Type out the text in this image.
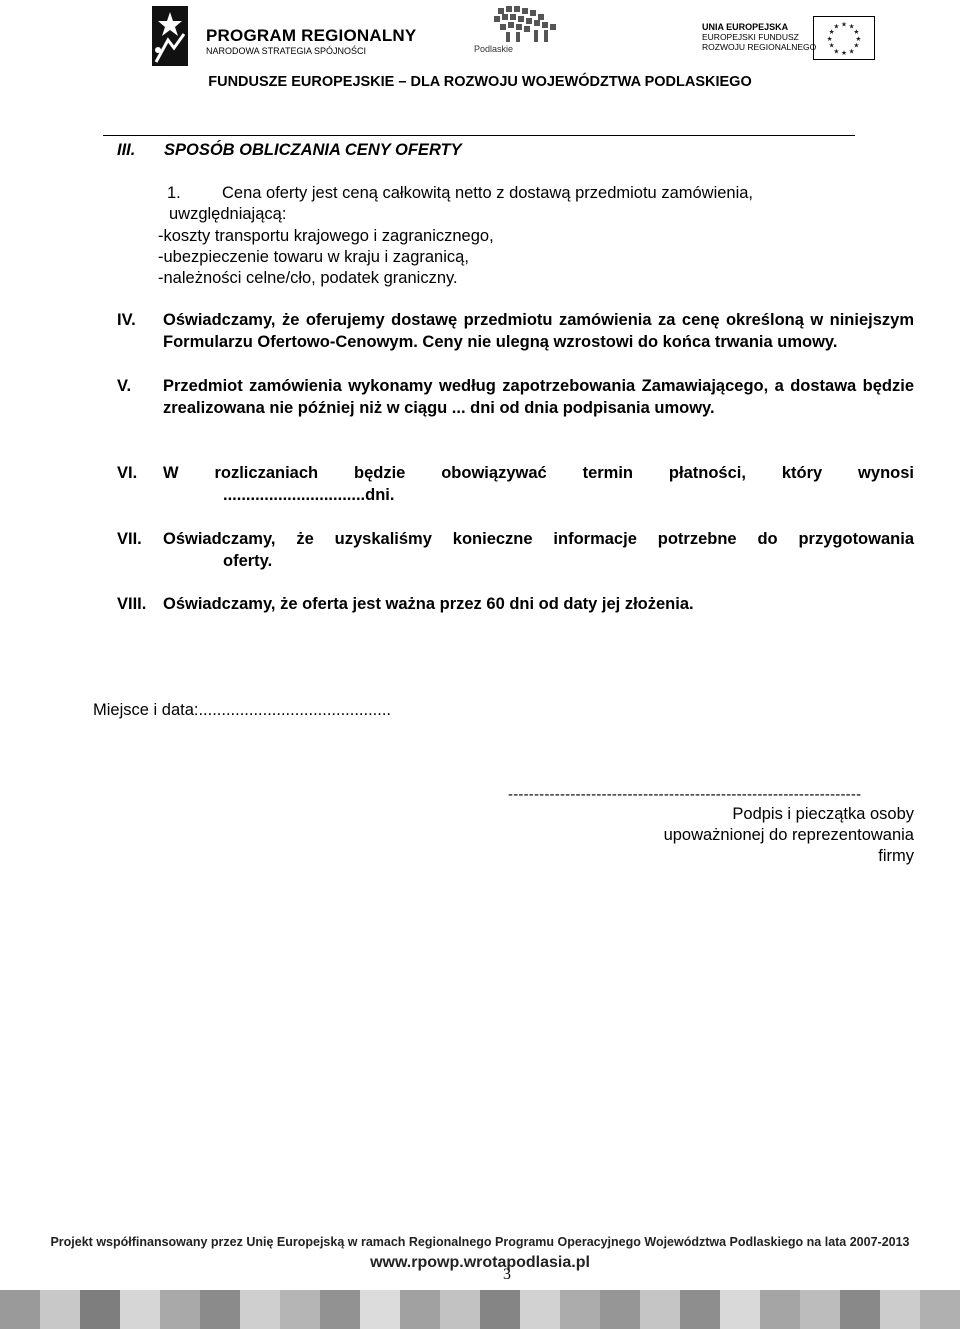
PROGRAM REGIONALNY
NARODOWA STRATEGIA SPÓJNOŚCI	Podlaskie
UNIA EUROPEJSKA
EUROPEJSKI FUNDUSZ
ROZWOJU REGIONALNEGO
★ ★
★
★
★
★
★
★
★
★
★
★
FUNDUSZE EUROPEJSKIE – DLA ROZWOJU WOJEWÓDZTWA PODLASKIEGO
III. SPOSÓB OBLICZANIA CENY OFERTY
1. Cena oferty jest ceną całkowitą netto z dostawą przedmiotu zamówienia,
uwzględniającą:
-koszty transportu krajowego i zagranicznego,
-ubezpieczenie towaru w kraju i zagranicą,
-należności celne/cło, podatek graniczny.
IV. Oświadczamy, że oferujemy dostawę przedmiotu zamówienia za cenę określoną w niniejszym Formularzu Ofertowo-Cenowym. Ceny nie ulegną wzrostowi do końca trwania umowy.
V. Przedmiot zamówienia wykonamy według zapotrzebowania Zamawiającego, a dostawa będzie zrealizowana nie później niż w ciągu ... dni od dnia podpisania umowy.
VI. W rozliczaniach będzie obowiązywać termin płatności, który wynosi
...............................dni.
VII. Oświadczamy, że uzyskaliśmy konieczne informacje potrzebne do przygotowania
oferty.
VIII. Oświadczamy, że oferta jest ważna przez 60 dni od daty jej złożenia.
Miejsce i data:..........................................
--------------------------------------------------------------------
Podpis i pieczątka osoby
upoważnionej do reprezentowania
firmy
Projekt współfinansowany przez Unię Europejską w ramach Regionalnego Programu Operacyjnego Województwa Podlaskiego na lata 2007-2013
www.rpowp.wrotapodlasia.pl
3
